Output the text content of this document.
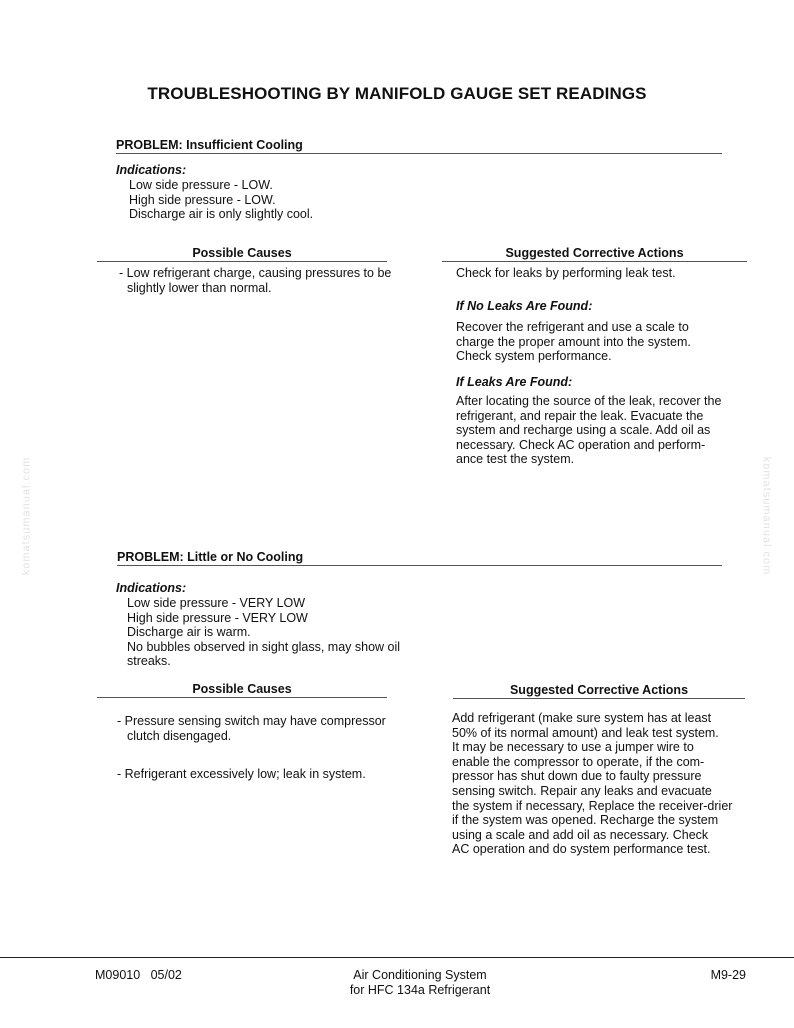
TROUBLESHOOTING BY MANIFOLD GAUGE SET READINGS
PROBLEM: Insufficient Cooling
Indications:
Low side pressure - LOW.
High side pressure - LOW.
Discharge air is only slightly cool.
Possible Causes
- Low refrigerant charge, causing pressures to be
slightly lower than normal.
Suggested Corrective Actions
Check for leaks by performing leak test.
If No Leaks Are Found:
Recover the refrigerant and use a scale to
charge the proper amount into the system.
Check system performance.
If Leaks Are Found:
After locating the source of the leak, recover the
refrigerant, and repair the leak. Evacuate the
system and recharge using a scale. Add oil as
necessary. Check AC operation and perform-
ance test the system.
komatsumanual.com	komatsumanual.com
PROBLEM: Little or No Cooling
Indications:
Low side pressure - VERY LOW
High side pressure - VERY LOW
Discharge air is warm.
No bubbles observed in sight glass, may show oil
streaks.
Possible Causes
- Pressure sensing switch may have compressor
clutch disengaged.
- Refrigerant excessively low; leak in system.
Suggested Corrective Actions
Add refrigerant (make sure system has at least
50% of its normal amount) and leak test system.
It may be necessary to use a jumper wire to
enable the compressor to operate, if the com-
pressor has shut down due to faulty pressure
sensing switch. Repair any leaks and evacuate
the system if necessary, Replace the receiver-drier
if the system was opened. Recharge the system
using a scale and add oil as necessary. Check
AC operation and do system performance test.
M09010   05/02	Air Conditioning System
for HFC 134a Refrigerant
M9-29
